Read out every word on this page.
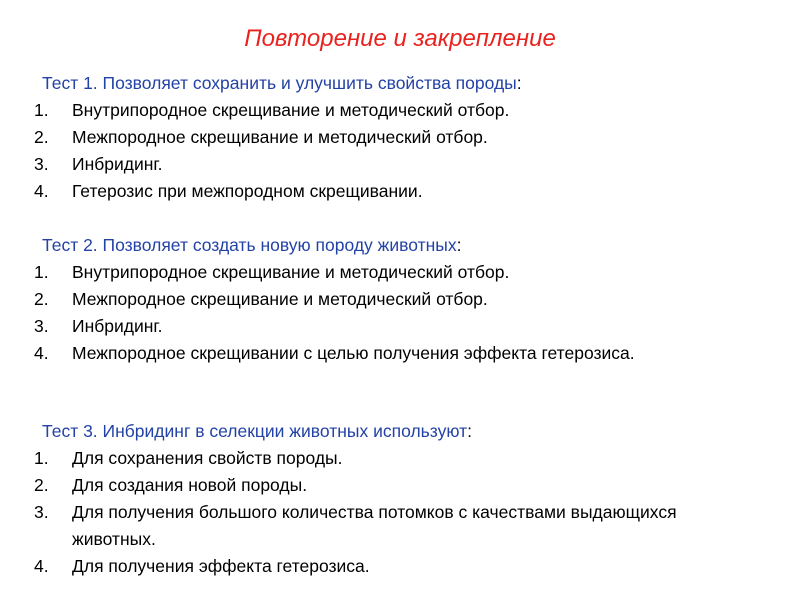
Повторение и закрепление
Тест 1. Позволяет сохранить и улучшить свойства породы:
1. Внутрипородное скрещивание и методический отбор.
2. Межпородное скрещивание и методический отбор.
3. Инбридинг.
4. Гетерозис при межпородном скрещивании.
Тест 2. Позволяет создать новую породу животных:
1. Внутрипородное скрещивание и методический отбор.
2. Межпородное скрещивание и методический отбор.
3. Инбридинг.
4. Межпородное скрещивании с целью получения эффекта гетерозиса.
Тест 3. Инбридинг в селекции животных используют:
1. Для сохранения свойств породы.
2. Для создания новой породы.
3. Для получения большого количества потомков с качествами выдающихся животных.
4. Для получения эффекта гетерозиса.
